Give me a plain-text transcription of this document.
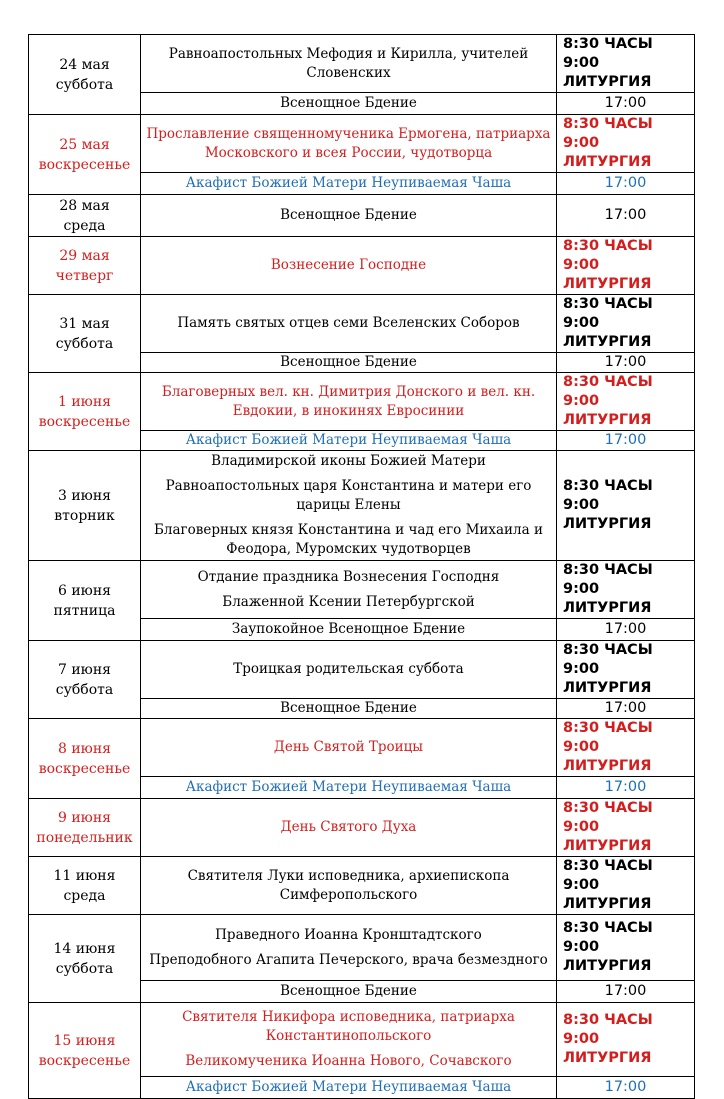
24 мая
суббота	Равноапостольных Мефодия и Кирилла, учителей Словенских	8:30 ЧАСЫ
9:00 ЛИТУРГИЯ

	Всенощное Бдение	17:00

25 мая
воскресенье	Прославление священномученика Ермогена, патриарха Московского и всея России, чудотворца	8:30 ЧАСЫ
9:00 ЛИТУРГИЯ

	Акафист Божией Матери Неупиваемая Чаша	17:00

28 мая
среда	Всенощное Бдение	17:00

29 мая
четверг	Вознесение Господне	8:30 ЧАСЫ
9:00 ЛИТУРГИЯ

31 мая
суббота	Память святых отцев семи Вселенских Соборов	8:30 ЧАСЫ
9:00 ЛИТУРГИЯ

	Всенощное Бдение	17:00

1 июня
воскресенье	Благоверных вел. кн. Димитрия Донского и вел. кн. Евдокии, в инокинях Евросинии	8:30 ЧАСЫ
9:00 ЛИТУРГИЯ

	Акафист Божией Матери Неупиваемая Чаша	17:00

3 июня
вторник	Владимирской иконы Божией Матери
Равноапостольных царя Константина и матери его царицы Елены
Благоверных князя Константина и чад его Михаила и Феодора, Муромских чудотворцев	8:30 ЧАСЫ
9:00 ЛИТУРГИЯ

6 июня
пятница	Отдание праздника Вознесения Господня
Блаженной Ксении Петербургской	8:30 ЧАСЫ
9:00 ЛИТУРГИЯ

	Заупокойное Всенощное Бдение	17:00

7 июня
суббота	Троицкая родительская суббота	8:30 ЧАСЫ
9:00 ЛИТУРГИЯ

	Всенощное Бдение	17:00

8 июня
воскресенье	День Святой Троицы	8:30 ЧАСЫ
9:00 ЛИТУРГИЯ

	Акафист Божией Матери Неупиваемая Чаша	17:00

9 июня
понедельник	День Святого Духа	8:30 ЧАСЫ
9:00 ЛИТУРГИЯ

11 июня
среда	Святителя Луки исповедника, архиепископа Симферопольского	8:30 ЧАСЫ
9:00 ЛИТУРГИЯ

14 июня
суббота	Праведного Иоанна Кронштадтского
Преподобного Агапита Печерского, врача безмездного	8:30 ЧАСЫ
9:00 ЛИТУРГИЯ

	Всенощное Бдение	17:00

15 июня
воскресенье	Святителя Никифора исповедника, патриарха Константинопольского
Великомученика Иоанна Нового, Сочавского	8:30 ЧАСЫ
9:00 ЛИТУРГИЯ

	Акафист Божией Матери Неупиваемая Чаша	17:00
